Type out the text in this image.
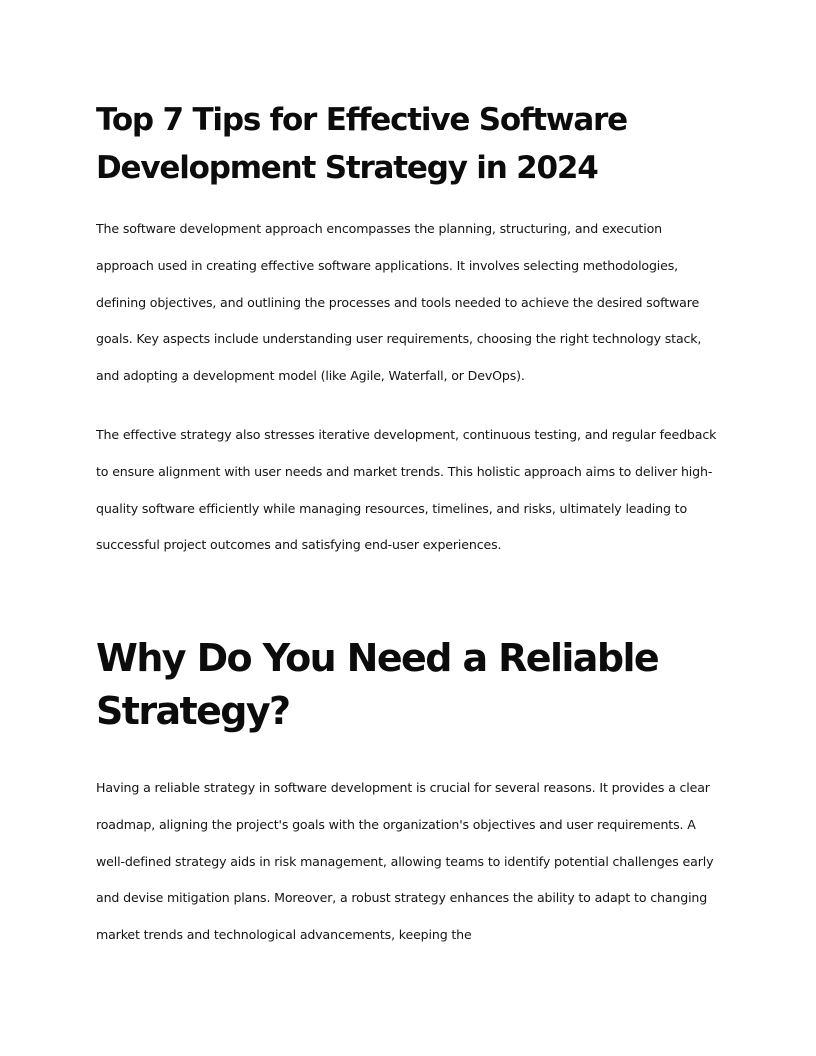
Top 7 Tips for Effective Software Development Strategy in 2024

The software development approach encompasses the planning, structuring, and execution approach used in creating effective software applications. It involves selecting methodologies, defining objectives, and outlining the processes and tools needed to achieve the desired software goals. Key aspects include understanding user requirements, choosing the right technology stack, and adopting a development model (like Agile, Waterfall, or DevOps).

The effective strategy also stresses iterative development, continuous testing, and regular feedback to ensure alignment with user needs and market trends. This holistic approach aims to deliver high-quality software efficiently while managing resources, timelines, and risks, ultimately leading to successful project outcomes and satisfying end-user experiences.

Why Do You Need a Reliable Strategy?

Having a reliable strategy in software development is crucial for several reasons. It provides a clear roadmap, aligning the project's goals with the organization's objectives and user requirements. A well-defined strategy aids in risk management, allowing teams to identify potential challenges early and devise mitigation plans. Moreover, a robust strategy enhances the ability to adapt to changing market trends and technological advancements, keeping the
